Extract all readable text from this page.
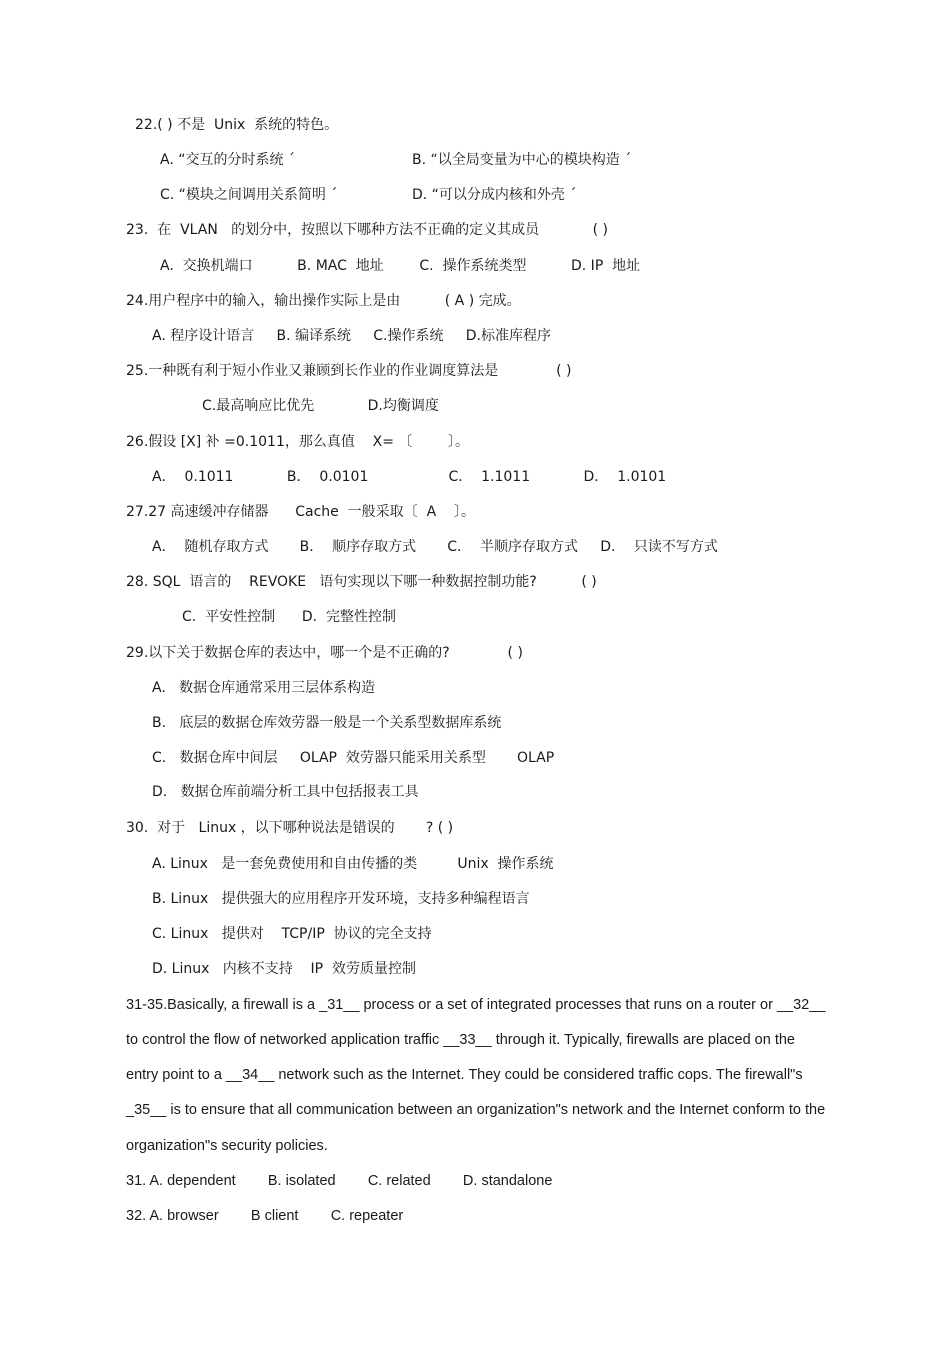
22.( ) 不是  Unix  系统的特色。
A. “交互的分时系统 ˊ	B. “以全局变量为中心的模块构造 ˊ
C. “模块之间调用关系简明 ˊ	D. “可以分成内核和外壳 ˊ
23.  在  VLAN   的划分中，按照以下哪种方法不正确的定义其成员            ( )
A.  交换机端口          B. MAC  地址        C.  操作系统类型          D. IP  地址
24.用户程序中的输入，输出操作实际上是由          ( A ) 完成。
A. 程序设计语言     B. 编译系统     C.操作系统     D.标准库程序
25.一种既有利于短小作业又兼顾到长作业的作业调度算法是             ( )
C.最高响应比优先            D.均衡调度
26.假设 [X] 补 =0.1011，那么真值    X= 〔        〕。
A．  0.1011            B．  0.0101                  C．  1.1011            D．  1.0101
27.27 高速缓冲存储器      Cache  一般采取〔  A    〕。
A．  随机存取方式       B．  顺序存取方式       C．  半顺序存取方式     D．  只读不写方式
28. SQL  语言的    REVOKE   语句实现以下哪一种数据控制功能?          ( )
C.  平安性控制      D.  完整性控制
29.以下关于数据仓库的表达中，哪一个是不正确的?             ( )
A.   数据仓库通常采用三层体系构造
B.   底层的数据仓库效劳器一般是一个关系型数据库系统
C.   数据仓库中间层     OLAP  效劳器只能采用关系型       OLAP
D.   数据仓库前端分析工具中包括报表工具
30.  对于   Linux ，以下哪种说法是错误的       ? ( )
A. Linux   是一套免费使用和自由传播的类         Unix  操作系统
B. Linux   提供强大的应用程序开发环境，支持多种编程语言
C. Linux   提供对    TCP/IP  协议的完全支持
D. Linux   内核不支持    IP  效劳质量控制
31-35.Basically, a firewall is a _31__ process or a set of integrated processes that runs on a router or __32__
to control the flow of networked application traffic __33__ through it. Typically, firewalls are placed on the
entry point to a __34__ network such as the Internet. They could be considered traffic cops. The firewall"s
_35__ is to ensure that all communication between an organization"s network and the Internet conform to the
organization"s security policies.
31. A. dependent        B. isolated        C. related        D. standalone
32. A. browser        B client        C. repeater
